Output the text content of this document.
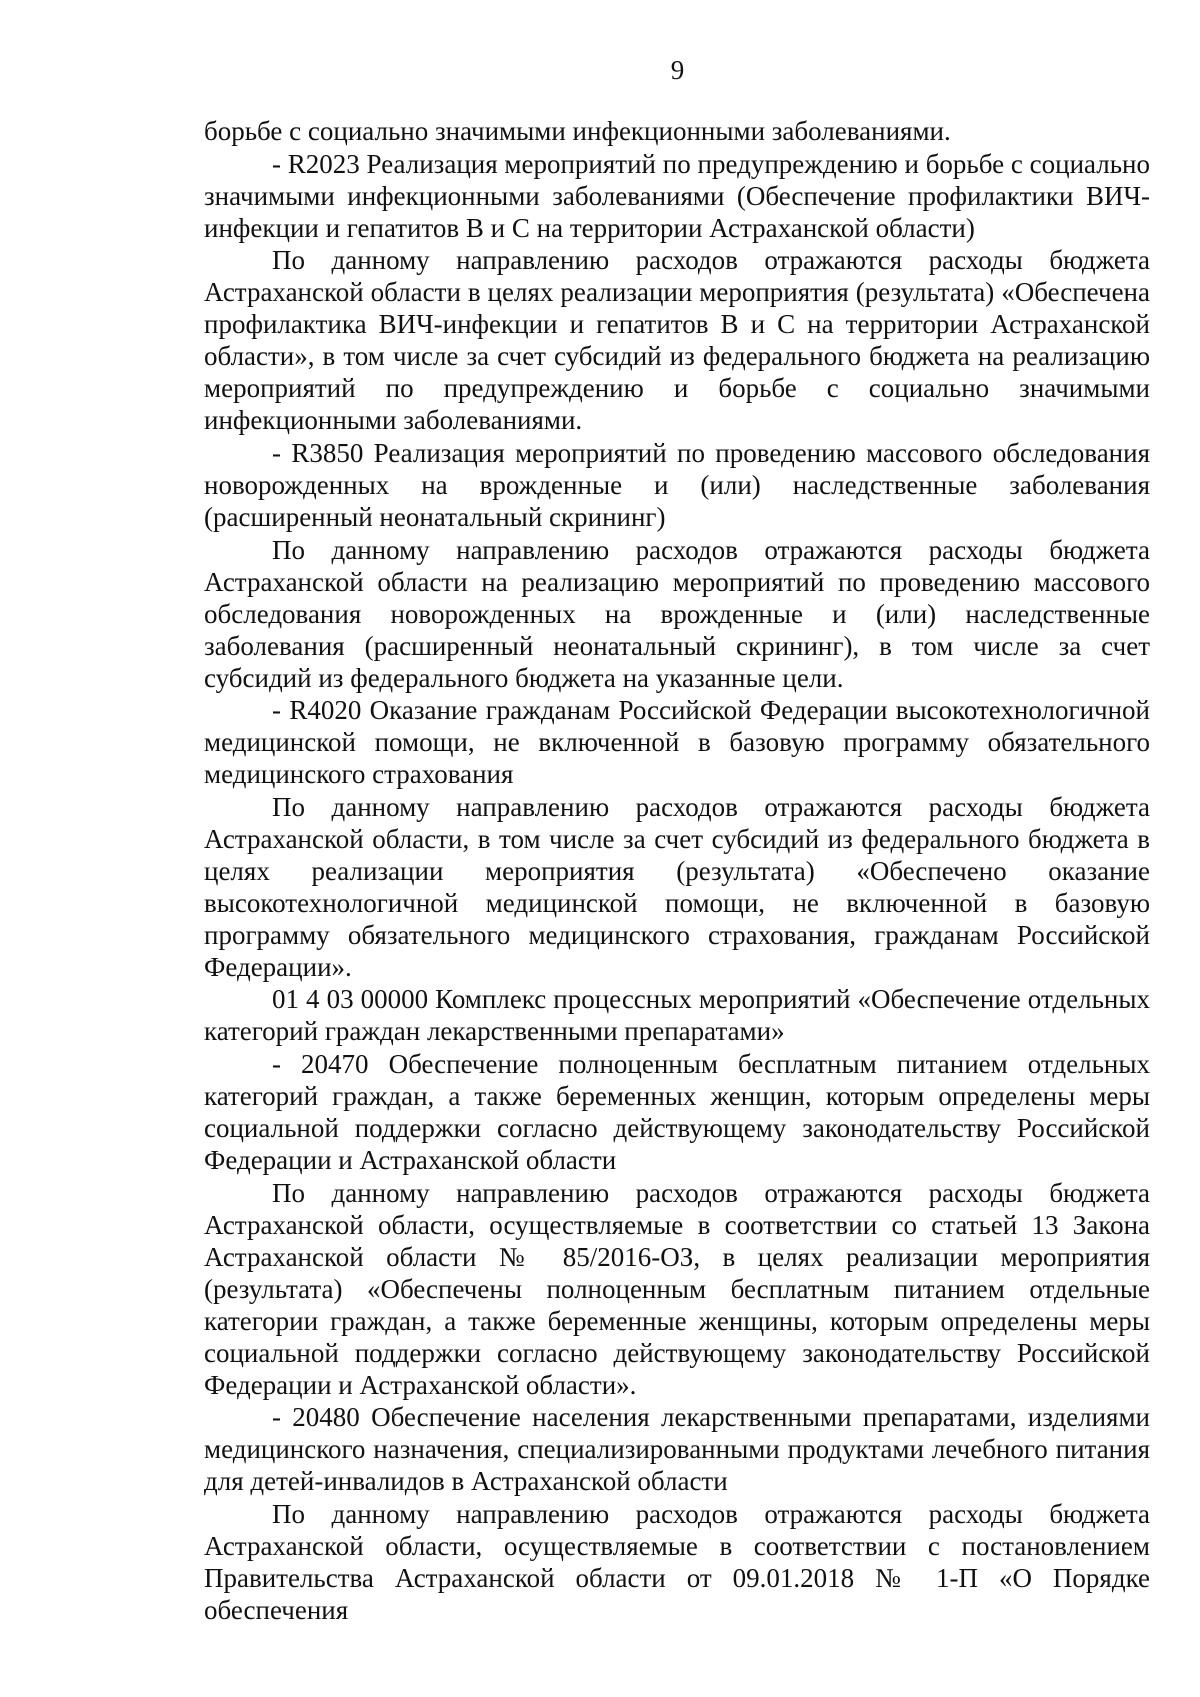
9

борьбе с социально значимыми инфекционными заболеваниями.

- R2023 Реализация мероприятий по предупреждению и борьбе с социально значимыми инфекционными заболеваниями (Обеспечение профилактики ВИЧ-инфекции и гепатитов В и С на территории Астраханской области)

По данному направлению расходов отражаются расходы бюджета Астраханской области в целях реализации мероприятия (результата) «Обеспечена профилактика ВИЧ-инфекции и гепатитов В и С на территории Астраханской области», в том числе за счет субсидий из федерального бюджета на реализацию мероприятий по предупреждению и борьбе с социально значимыми инфекционными заболеваниями.

- R3850 Реализация мероприятий по проведению массового обследования новорожденных на врожденные и (или) наследственные заболевания (расширенный неонатальный скрининг)

По данному направлению расходов отражаются расходы бюджета Астраханской области на реализацию мероприятий по проведению массового обследования новорожденных на врожденные и (или) наследственные заболевания (расширенный неонатальный скрининг), в том числе за счет субсидий из федерального бюджета на указанные цели.

- R4020 Оказание гражданам Российской Федерации высокотехнологичной медицинской помощи, не включенной в базовую программу обязательного медицинского страхования

По данному направлению расходов отражаются расходы бюджета Астраханской области, в том числе за счет субсидий из федерального бюджета в целях реализации мероприятия (результата) «Обеспечено оказание высокотехнологичной медицинской помощи, не включенной в базовую программу обязательного медицинского страхования, гражданам Российской Федерации».

01 4 03 00000 Комплекс процессных мероприятий «Обеспечение отдельных категорий граждан лекарственными препаратами»

- 20470 Обеспечение полноценным бесплатным питанием отдельных категорий граждан, а также беременных женщин, которым определены меры социальной поддержки согласно действующему законодательству Российской Федерации и Астраханской области

По данному направлению расходов отражаются расходы бюджета Астраханской области, осуществляемые в соответствии со статьей 13 Закона Астраханской области № 85/2016-ОЗ, в целях реализации мероприятия (результата) «Обеспечены полноценным бесплатным питанием отдельные категории граждан, а также беременные женщины, которым определены меры социальной поддержки согласно действующему законодательству Российской Федерации и Астраханской области».

- 20480 Обеспечение населения лекарственными препаратами, изделиями медицинского назначения, специализированными продуктами лечебного питания для детей-инвалидов в Астраханской области

По данному направлению расходов отражаются расходы бюджета Астраханской области, осуществляемые в соответствии с постановлением Правительства Астраханской области от 09.01.2018 № 1-П «О Порядке обеспечения
